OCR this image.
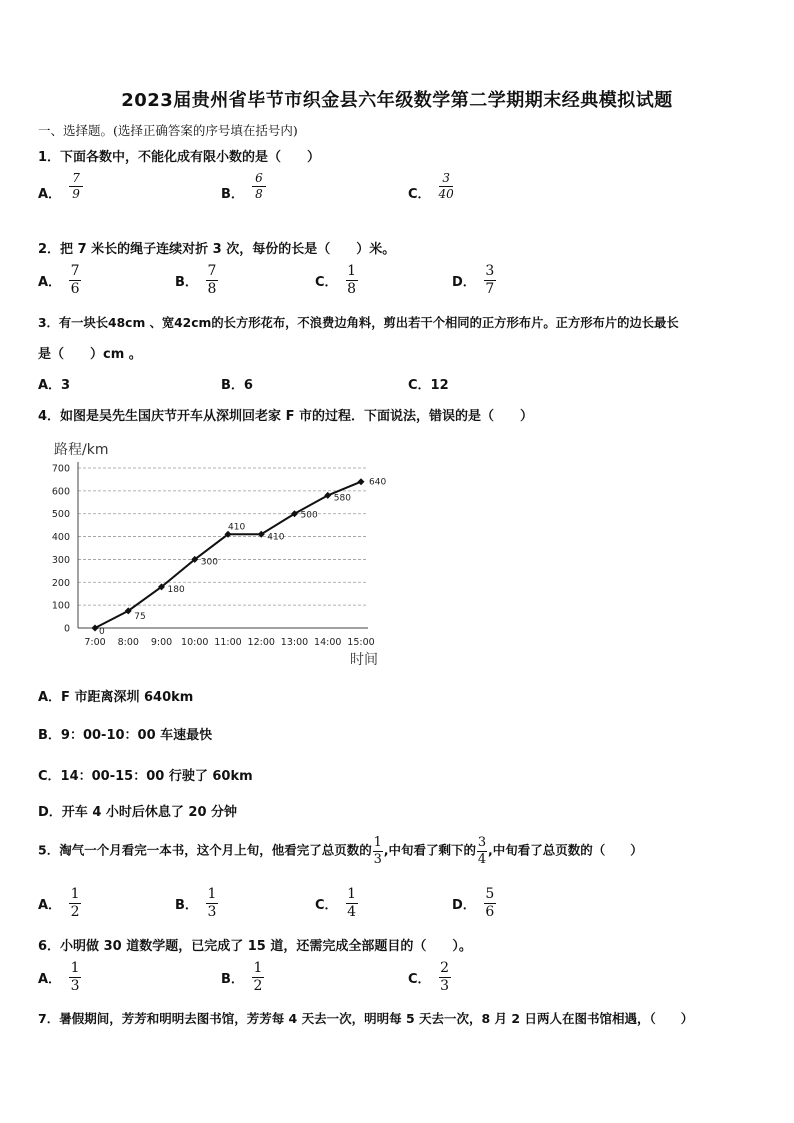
2023届贵州省毕节市织金县六年级数学第二学期期末经典模拟试题
一、选择题。(选择正确答案的序号填在括号内)
1．下面各数中，不能化成有限小数的是（　　）
A． $\frac{7}{9}$	B． $\frac{6}{8}$	C． $\frac{3}{40}$
2．把 7 米长的绳子连续对折 3 次，每份的长是（　　）米。
A． $\frac{7}{6}$	B． $\frac{7}{8}$	C． $\frac{1}{8}$	D． $\frac{3}{7}$
3．有一块长48cm 、宽42cm的长方形花布，不浪费边角料，剪出若干个相同的正方形布片。正方形布片的边长最长
是（　　）cm 。
A．3	B．6	C．12
4．如图是吴先生国庆节开车从深圳回老家 F 市的过程．下面说法，错误的是（　　）
路程/km
时间
0
100
200
300
400
500
600
700
7:00 8:00 9:00 10:00 11:00 12:00 13:00 14:00 15:00
0
75
180
300
410
410
500
580
640
A．F 市距离深圳 640km
B．9：00-10：00 车速最快
C．14：00-15：00 行驶了 60km
D．开车 4 小时后休息了 20 分钟
5．淘气一个月看完一本书，这个月上旬，他看完了总页数的 $\frac{1}{3}$ ,中旬看了剩下的 $\frac{3}{4}$ ,中旬看了总页数的（　　）
A． $\frac{1}{2}$	B． $\frac{1}{3}$	C． $\frac{1}{4}$	D． $\frac{5}{6}$
6．小明做 30 道数学题，已完成了 15 道，还需完成全部题目的（　　）。
A． $\frac{1}{3}$	B． $\frac{1}{2}$	C． $\frac{2}{3}$
7．暑假期间，芳芳和明明去图书馆，芳芳每 4 天去一次，明明每 5 天去一次，8 月 2 日两人在图书馆相遇，（　　）
